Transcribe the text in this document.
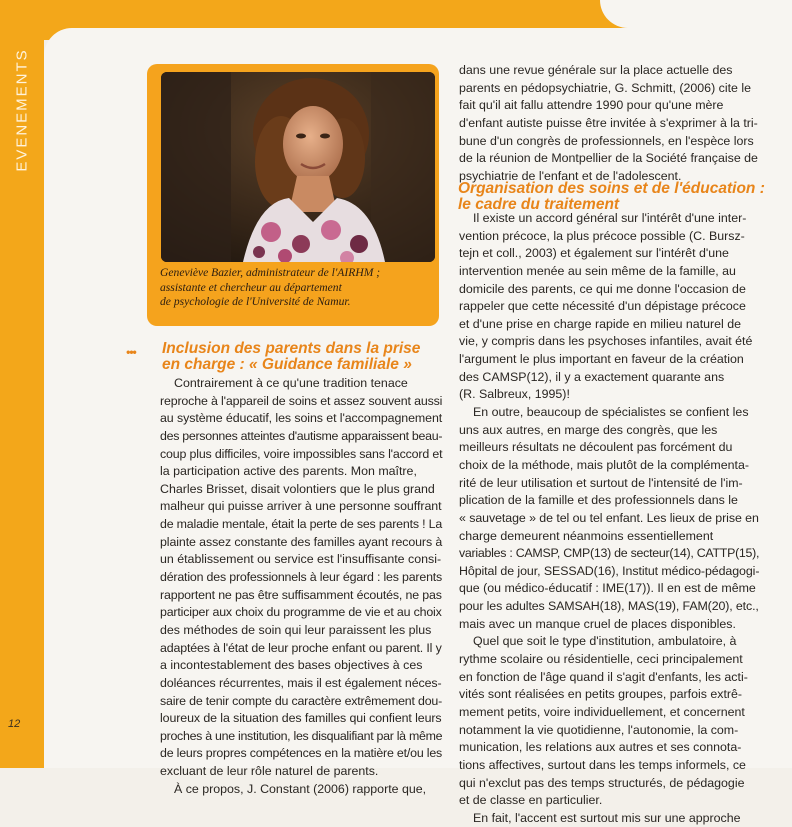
EVENEMENTS
12
Geneviève Bazier, administrateur de l'AIRHM ;
assistante et chercheur au département
de psychologie de l'Université de Namur.
dans une revue générale sur la place actuelle des
parents en pédopsychiatrie, G. Schmitt, (2006) cite le
fait qu'il ait fallu attendre 1990 pour qu'une mère
d'enfant autiste puisse être invitée à s'exprimer à la tri-
bune d'un congrès de professionnels, en l'espèce lors
de la réunion de Montpellier de la Société française de
psychiatrie de l'enfant et de l'adolescent.
Organisation des soins et de l'éducation :
le cadre du traitement
Il existe un accord général sur l'intérêt d'une inter-
vention précoce, la plus précoce possible (C. Bursz-
tejn et coll., 2003) et également sur l'intérêt d'une
intervention menée au sein même de la famille, au
domicile des parents, ce qui me donne l'occasion de
rappeler que cette nécessité d'un dépistage précoce
et d'une prise en charge rapide en milieu naturel de
vie, y compris dans les psychoses infantiles, avait été
l'argument le plus important en faveur de la création
des CAMSP(12), il y a exactement quarante ans
(R. Salbreux, 1995)!
En outre, beaucoup de spécialistes se confient les
uns aux autres, en marge des congrès, que les
meilleurs résultats ne découlent pas forcément du
choix de la méthode, mais plutôt de la complémenta-
rité de leur utilisation et surtout de l'intensité de l'im-
plication de la famille et des professionnels dans le
« sauvetage » de tel ou tel enfant. Les lieux de prise en
charge demeurent néanmoins essentiellement
variables : CAMSP, CMP(13) de secteur(14), CATTP(15),
Hôpital de jour, SESSAD(16), Institut médico-pédagogi-
que (ou médico-éducatif : IME(17)). Il en est de même
pour les adultes SAMSAH(18), MAS(19), FAM(20), etc.,
mais avec un manque cruel de places disponibles.
Quel que soit le type d'institution, ambulatoire, à
rythme scolaire ou résidentielle, ceci principalement
en fonction de l'âge quand il s'agit d'enfants, les acti-
vités sont réalisées en petits groupes, parfois extrê-
mement petits, voire individuellement, et concernent
notamment la vie quotidienne, l'autonomie, la com-
munication, les relations aux autres et ses connota-
tions affectives, surtout dans les temps informels, ce
qui n'exclut pas des temps structurés, de pédagogie
et de classe en particulier.
En fait, l'accent est surtout mis sur une approche
••• Inclusion des parents dans la prise
en charge : « Guidance familiale »
Contrairement à ce qu'une tradition tenace
reproche à l'appareil de soins et assez souvent aussi
au système éducatif, les soins et l'accompagnement
des personnes atteintes d'autisme apparaissent beau-
coup plus difficiles, voire impossibles sans l'accord et
la participation active des parents. Mon maître,
Charles Brisset, disait volontiers que le plus grand
malheur qui puisse arriver à une personne souffrant
de maladie mentale, était la perte de ses parents ! La
plainte assez constante des familles ayant recours à
un établissement ou service est l'insuffisante consi-
dération des professionnels à leur égard : les parents
rapportent ne pas être suffisamment écoutés, ne pas
participer aux choix du programme de vie et au choix
des méthodes de soin qui leur paraissent les plus
adaptées à l'état de leur proche enfant ou parent. Il y
a incontestablement des bases objectives à ces
doléances récurrentes, mais il est également néces-
saire de tenir compte du caractère extrêmement dou-
loureux de la situation des familles qui confient leurs
proches à une institution, les disqualifiant par là même
de leurs propres compétences en la matière et/ou les
excluant de leur rôle naturel de parents.
À ce propos, J. Constant (2006) rapporte que,
